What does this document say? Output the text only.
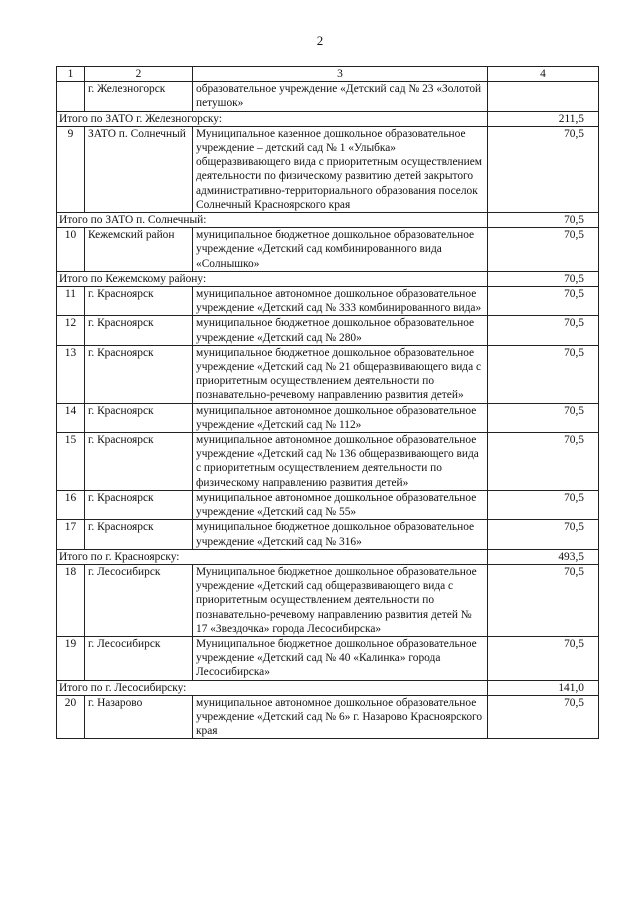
2
1	2	3	4
	г. Железногорск	образовательное учреждение «Детский сад № 23 «Золотой петушок»	
Итого по ЗАТО г. Железногорску:			211,5
9	ЗАТО п. Солнечный	Муниципальное казенное дошкольное образовательное учреждение – детский сад № 1 «Улыбка» общеразвивающего вида с приоритетным осуществлением деятельности по физическому развитию детей закрытого административно-территориального образования поселок Солнечный Красноярского края	70,5
Итого по ЗАТО п. Солнечный:			70,5
10	Кежемский район	муниципальное бюджетное дошкольное образовательное учреждение «Детский сад комбинированного вида «Солнышко»	70,5
Итого по Кежемскому району:			70,5
11	г. Красноярск	муниципальное автономное дошкольное образовательное учреждение «Детский сад № 333 комбинированного вида»	70,5
12	г. Красноярск	муниципальное бюджетное дошкольное образовательное учреждение «Детский сад № 280»	70,5
13	г. Красноярск	муниципальное бюджетное дошкольное образовательное учреждение «Детский сад № 21 общеразвивающего вида с приоритетным осуществлением деятельности по познавательно-речевому направлению развития детей»	70,5
14	г. Красноярск	муниципальное автономное дошкольное образовательное учреждение «Детский сад № 112»	70,5
15	г. Красноярск	муниципальное автономное дошкольное образовательное учреждение «Детский сад № 136 общеразвивающего вида с приоритетным осуществлением деятельности по физическому направлению развития детей»	70,5
16	г. Красноярск	муниципальное автономное дошкольное образовательное учреждение «Детский сад № 55»	70,5
17	г. Красноярск	муниципальное бюджетное дошкольное образовательное учреждение «Детский сад № 316»	70,5
Итого по г. Красноярску:			493,5
18	г. Лесосибирск	Муниципальное бюджетное дошкольное образовательное учреждение «Детский сад общеразвивающего вида с приоритетным осуществлением деятельности по познавательно-речевому направлению развития детей № 17 «Звездочка» города Лесосибирска»	70,5
19	г. Лесосибирск	Муниципальное бюджетное дошкольное образовательное учреждение «Детский сад № 40 «Калинка» города Лесосибирска»	70,5
Итого по г. Лесосибирску:			141,0
20	г. Назарово	муниципальное автономное дошкольное образовательное учреждение «Детский сад № 6» г. Назарово Красноярского края	70,5
